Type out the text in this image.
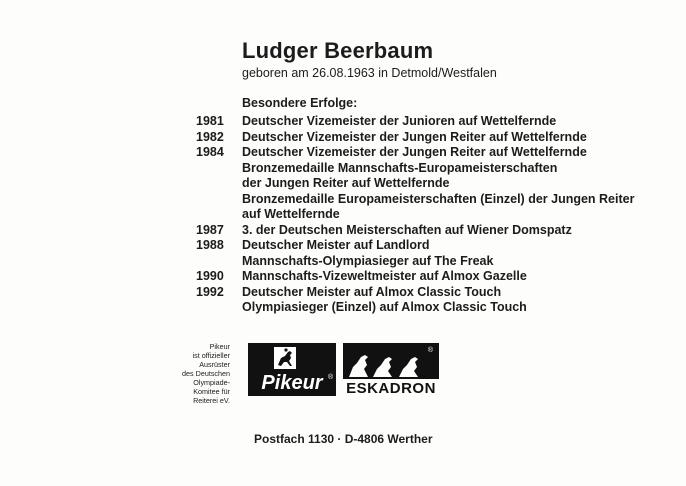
Ludger Beerbaum
geboren am 26.08.1963 in Detmold/Westfalen
Besondere Erfolge:
1981	Deutscher Vizemeister der Junioren auf Wettelfernde
1982	Deutscher Vizemeister der Jungen Reiter auf Wettelfernde
1984	Deutscher Vizemeister der Jungen Reiter auf Wettelfernde
Bronzemedaille Mannschafts-Europameisterschaften
der Jungen Reiter auf Wettelfernde
Bronzemedaille Europameisterschaften (Einzel) der Jungen Reiter
auf Wettelfernde
1987	3. der Deutschen Meisterschaften auf Wiener Domspatz
1988	Deutscher Meister auf Landlord
Mannschafts-Olympiasieger auf The Freak
1990	Mannschafts-Vizeweltmeister auf Almox Gazelle
1992	Deutscher Meister auf Almox Classic Touch
Olympiasieger (Einzel) auf Almox Classic Touch
Pikeur
ist offizieller
Ausrüster
des Deutschen
Olympiade-
Komitee für
Reiterei eV.
Pikeur ®
®
ESKADRON
Postfach 1130 · D-4806 Werther
